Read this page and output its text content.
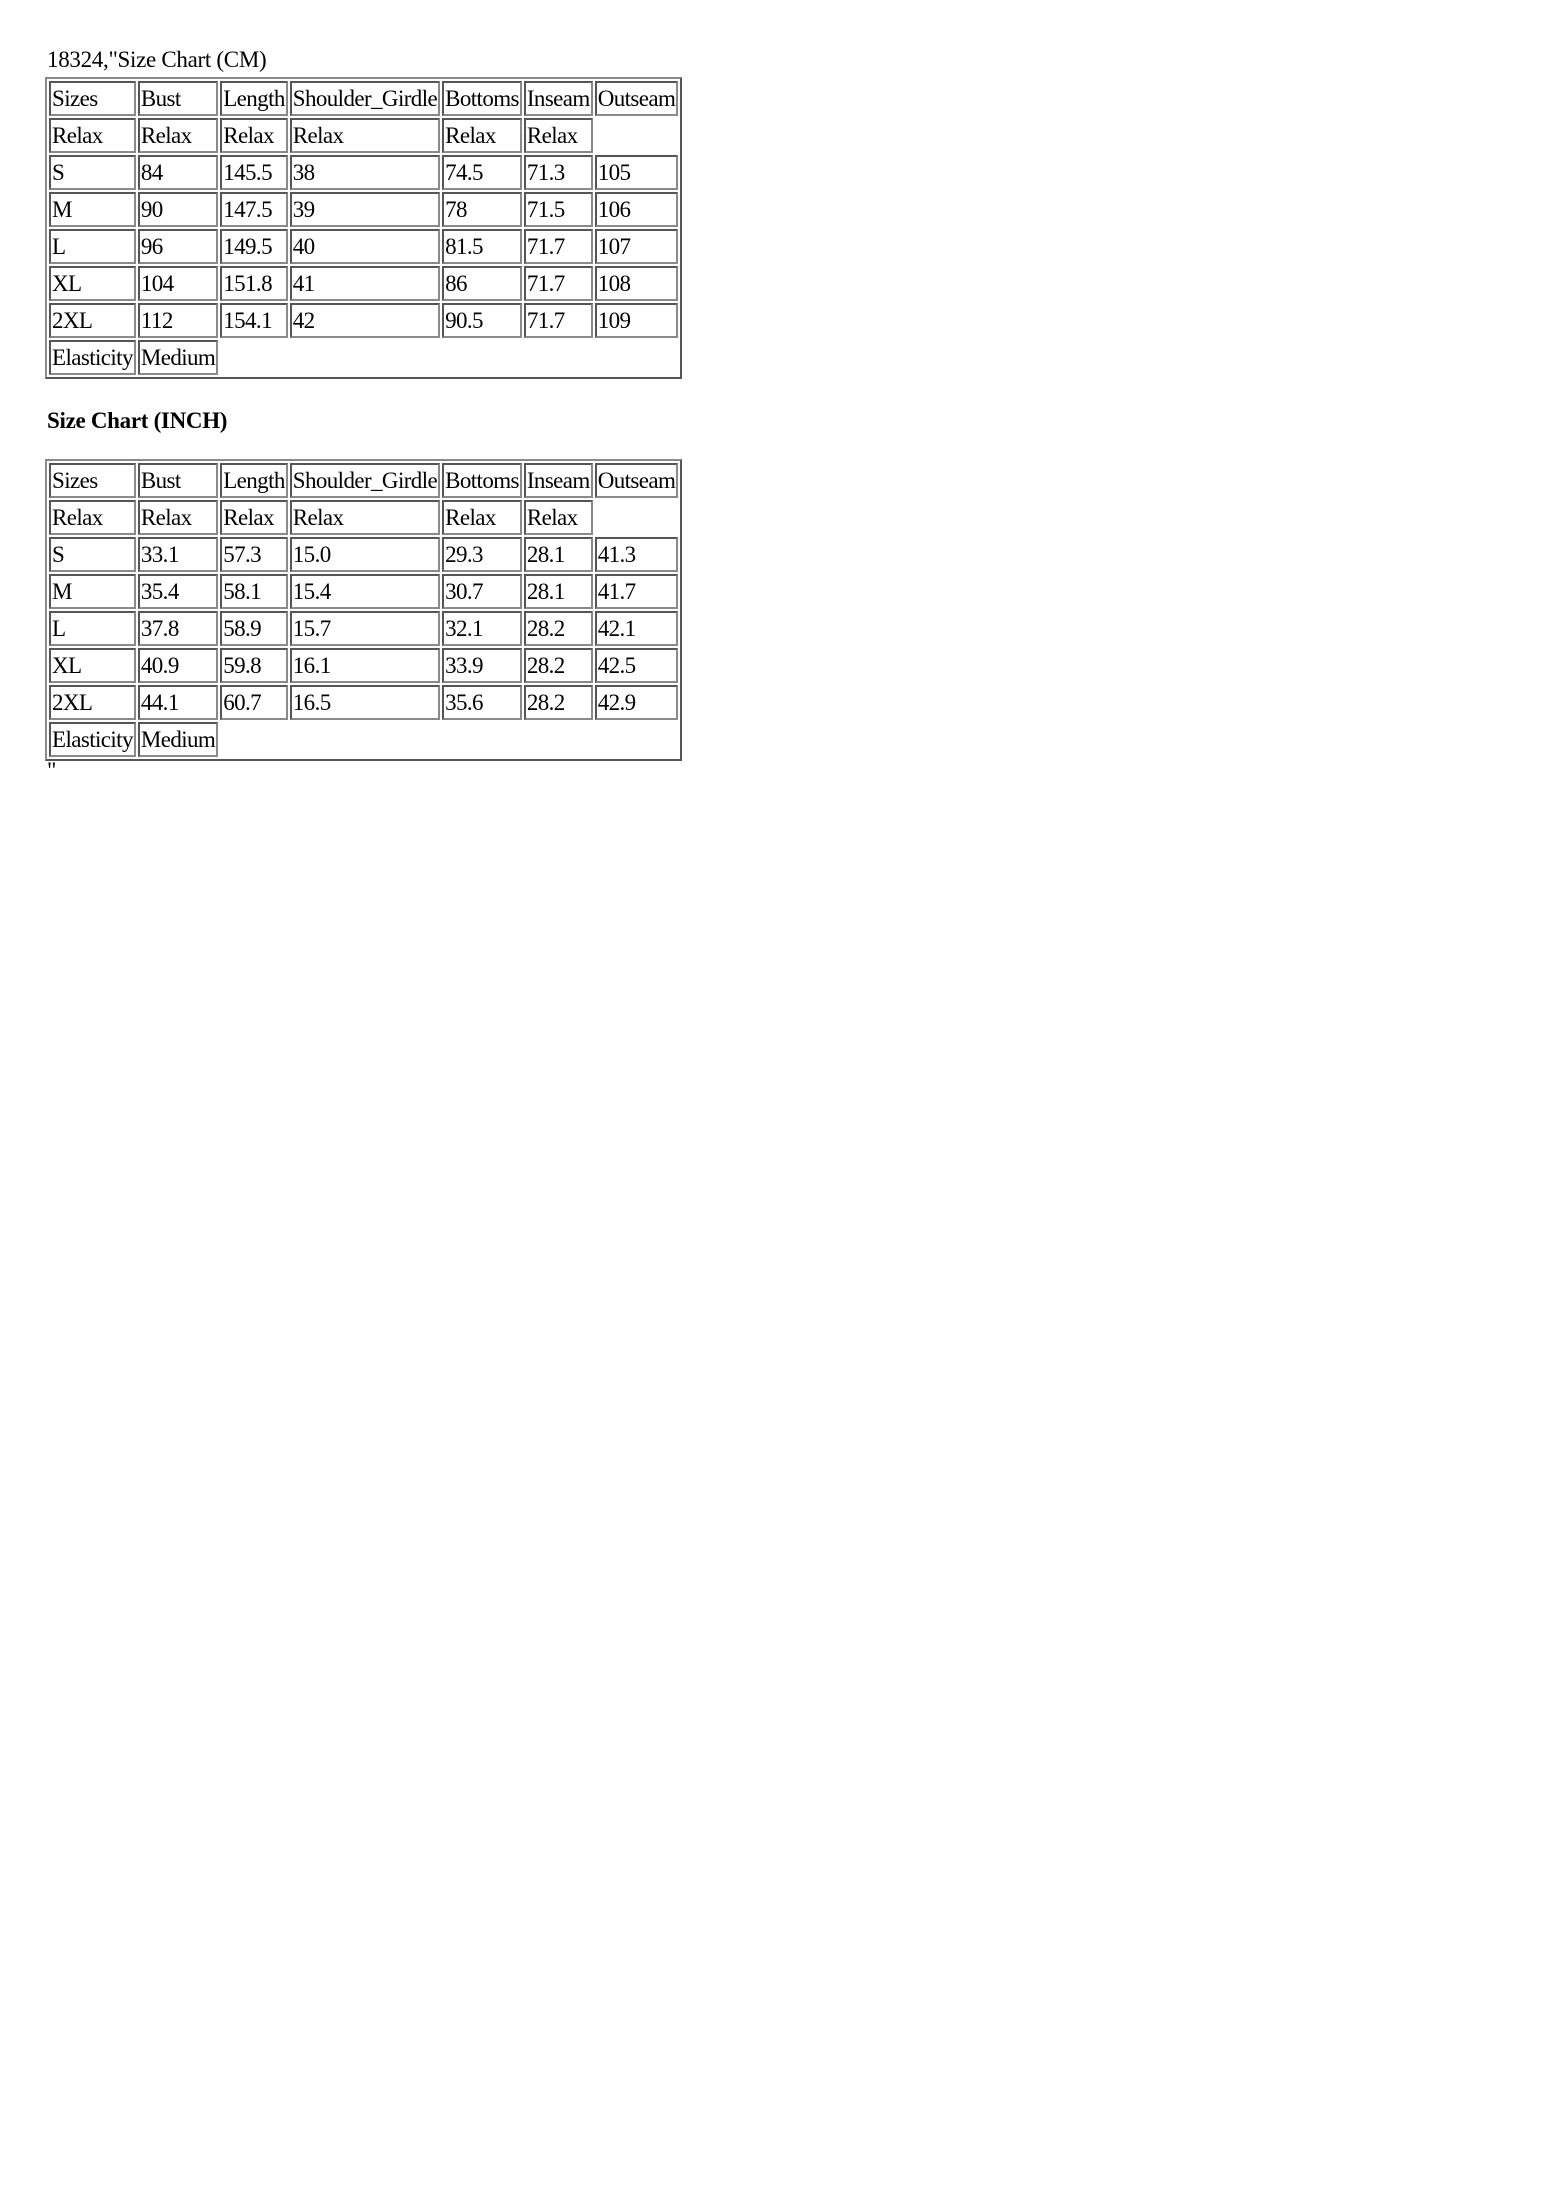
18324,"Size Chart (CM)
Sizes	Bust	Length	Shoulder_Girdle	Bottoms	Inseam	Outseam
Relax	Relax	Relax	Relax	Relax	Relax	
S	84	145.5	38	74.5	71.3	105
M	90	147.5	39	78	71.5	106
L	96	149.5	40	81.5	71.7	107
XL	104	151.8	41	86	71.7	108
2XL	112	154.1	42	90.5	71.7	109
Elasticity	Medium					
Size Chart (INCH)
Sizes	Bust	Length	Shoulder_Girdle	Bottoms	Inseam	Outseam
Relax	Relax	Relax	Relax	Relax	Relax	
S	33.1	57.3	15.0	29.3	28.1	41.3
M	35.4	58.1	15.4	30.7	28.1	41.7
L	37.8	58.9	15.7	32.1	28.2	42.1
XL	40.9	59.8	16.1	33.9	28.2	42.5
2XL	44.1	60.7	16.5	35.6	28.2	42.9
Elasticity	Medium					
"
